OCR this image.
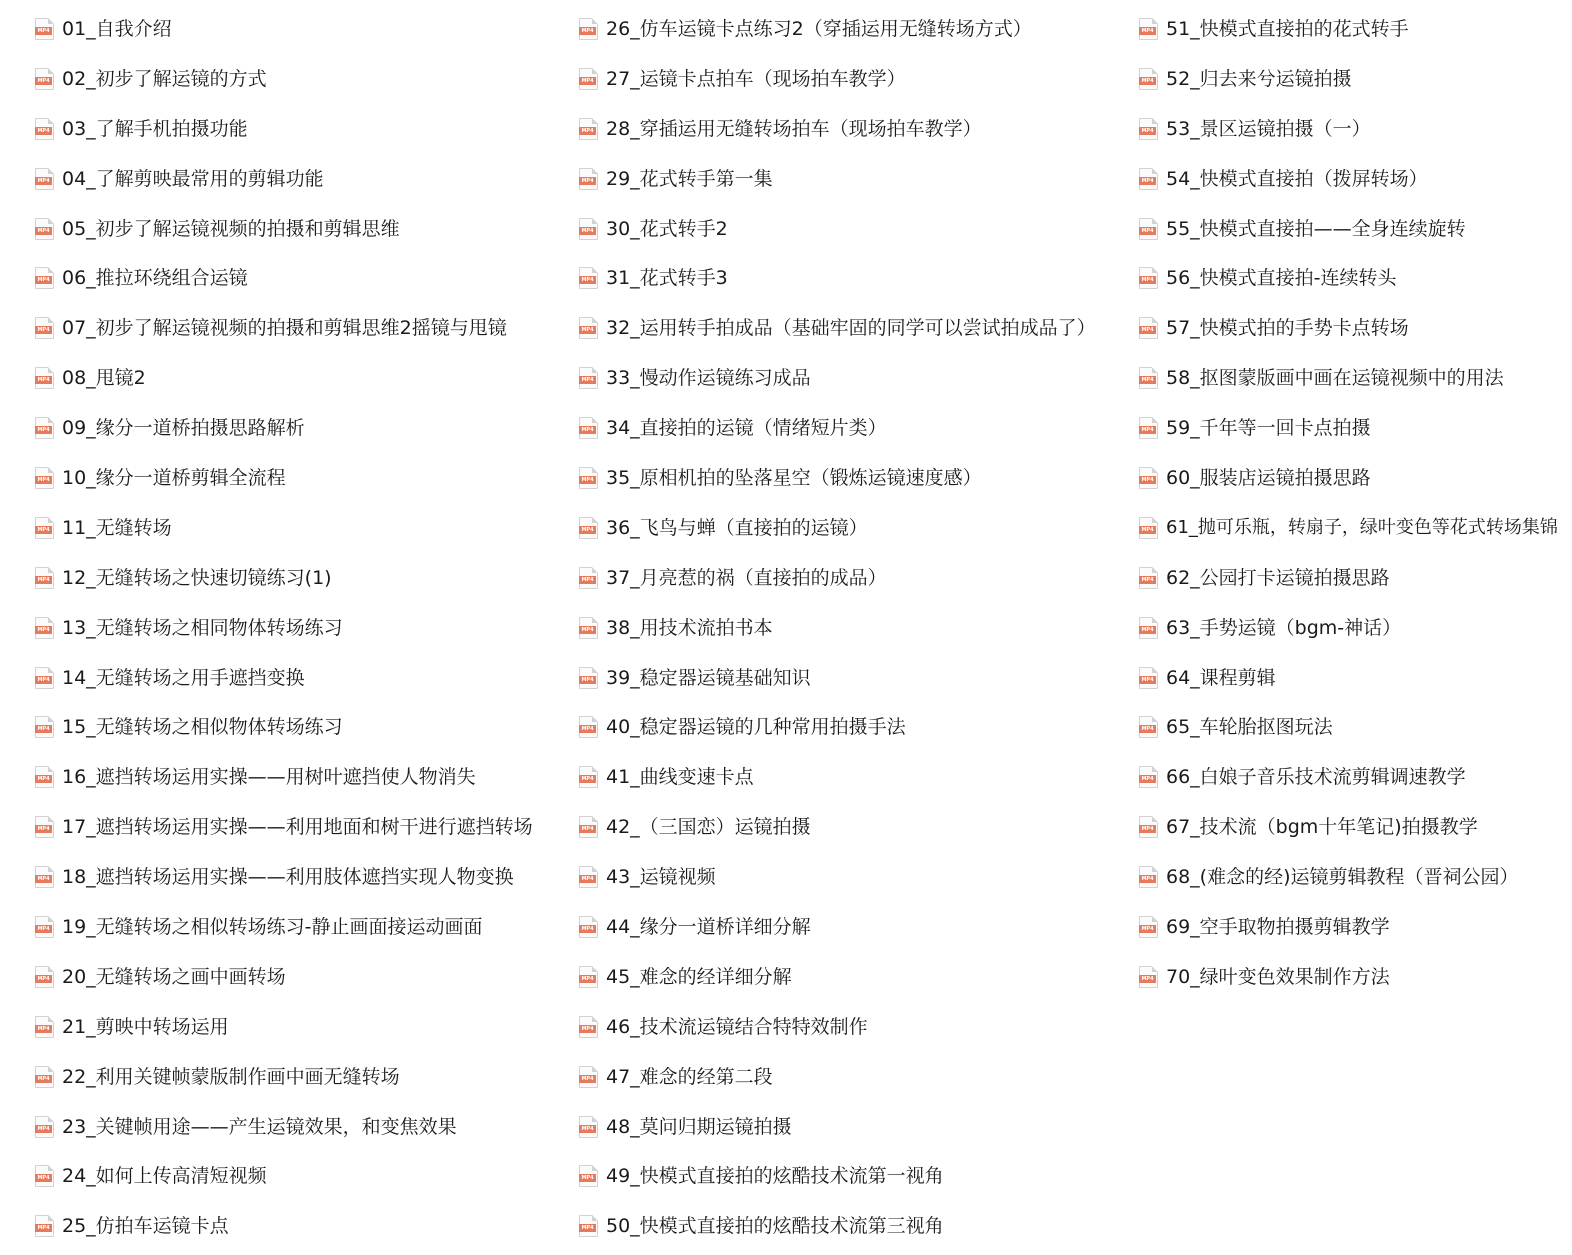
MP4 01_自我介绍
MP4 02_初步了解运镜的方式
MP4 03_了解手机拍摄功能
MP4 04_了解剪映最常用的剪辑功能
MP4 05_初步了解运镜视频的拍摄和剪辑思维
MP4 06_推拉环绕组合运镜
MP4 07_初步了解运镜视频的拍摄和剪辑思维2摇镜与甩镜
MP4 08_甩镜2
MP4 09_缘分一道桥拍摄思路解析
MP4 10_缘分一道桥剪辑全流程
MP4 11_无缝转场
MP4 12_无缝转场之快速切镜练习(1)
MP4 13_无缝转场之相同物体转场练习
MP4 14_无缝转场之用手遮挡变换
MP4 15_无缝转场之相似物体转场练习
MP4 16_遮挡转场运用实操——用树叶遮挡使人物消失
MP4 17_遮挡转场运用实操——利用地面和树干进行遮挡转场
MP4 18_遮挡转场运用实操——利用肢体遮挡实现人物变换
MP4 19_无缝转场之相似转场练习-静止画面接运动画面
MP4 20_无缝转场之画中画转场
MP4 21_剪映中转场运用
MP4 22_利用关键帧蒙版制作画中画无缝转场
MP4 23_关键帧用途——产生运镜效果，和变焦效果
MP4 24_如何上传高清短视频
MP4 25_仿拍车运镜卡点
MP4 26_仿车运镜卡点练习2（穿插运用无缝转场方式）
MP4 27_运镜卡点拍车（现场拍车教学）
MP4 28_穿插运用无缝转场拍车（现场拍车教学）
MP4 29_花式转手第一集
MP4 30_花式转手2
MP4 31_花式转手3
MP4 32_运用转手拍成品（基础牢固的同学可以尝试拍成品了）
MP4 33_慢动作运镜练习成品
MP4 34_直接拍的运镜（情绪短片类）
MP4 35_原相机拍的坠落星空（锻炼运镜速度感）
MP4 36_飞鸟与蝉（直接拍的运镜）
MP4 37_月亮惹的祸（直接拍的成品）
MP4 38_用技术流拍书本
MP4 39_稳定器运镜基础知识
MP4 40_稳定器运镜的几种常用拍摄手法
MP4 41_曲线变速卡点
MP4 42_（三国恋）运镜拍摄
MP4 43_运镜视频
MP4 44_缘分一道桥详细分解
MP4 45_难念的经详细分解
MP4 46_技术流运镜结合特特效制作
MP4 47_难念的经第二段
MP4 48_莫问归期运镜拍摄
MP4 49_快模式直接拍的炫酷技术流第一视角
MP4 50_快模式直接拍的炫酷技术流第三视角
MP4 51_快模式直接拍的花式转手
MP4 52_归去来兮运镜拍摄
MP4 53_景区运镜拍摄（一）
MP4 54_快模式直接拍（拨屏转场）
MP4 55_快模式直接拍——全身连续旋转
MP4 56_快模式直接拍-连续转头
MP4 57_快模式拍的手势卡点转场
MP4 58_抠图蒙版画中画在运镜视频中的用法
MP4 59_千年等一回卡点拍摄
MP4 60_服装店运镜拍摄思路
MP4 61_抛可乐瓶，转扇子，绿叶变色等花式转场集锦
MP4 62_公园打卡运镜拍摄思路
MP4 63_手势运镜（bgm-神话）
MP4 64_课程剪辑
MP4 65_车轮胎抠图玩法
MP4 66_白娘子音乐技术流剪辑调速教学
MP4 67_技术流（bgm十年笔记)拍摄教学
MP4 68_(难念的经)运镜剪辑教程（晋祠公园）
MP4 69_空手取物拍摄剪辑教学
MP4 70_绿叶变色效果制作方法
